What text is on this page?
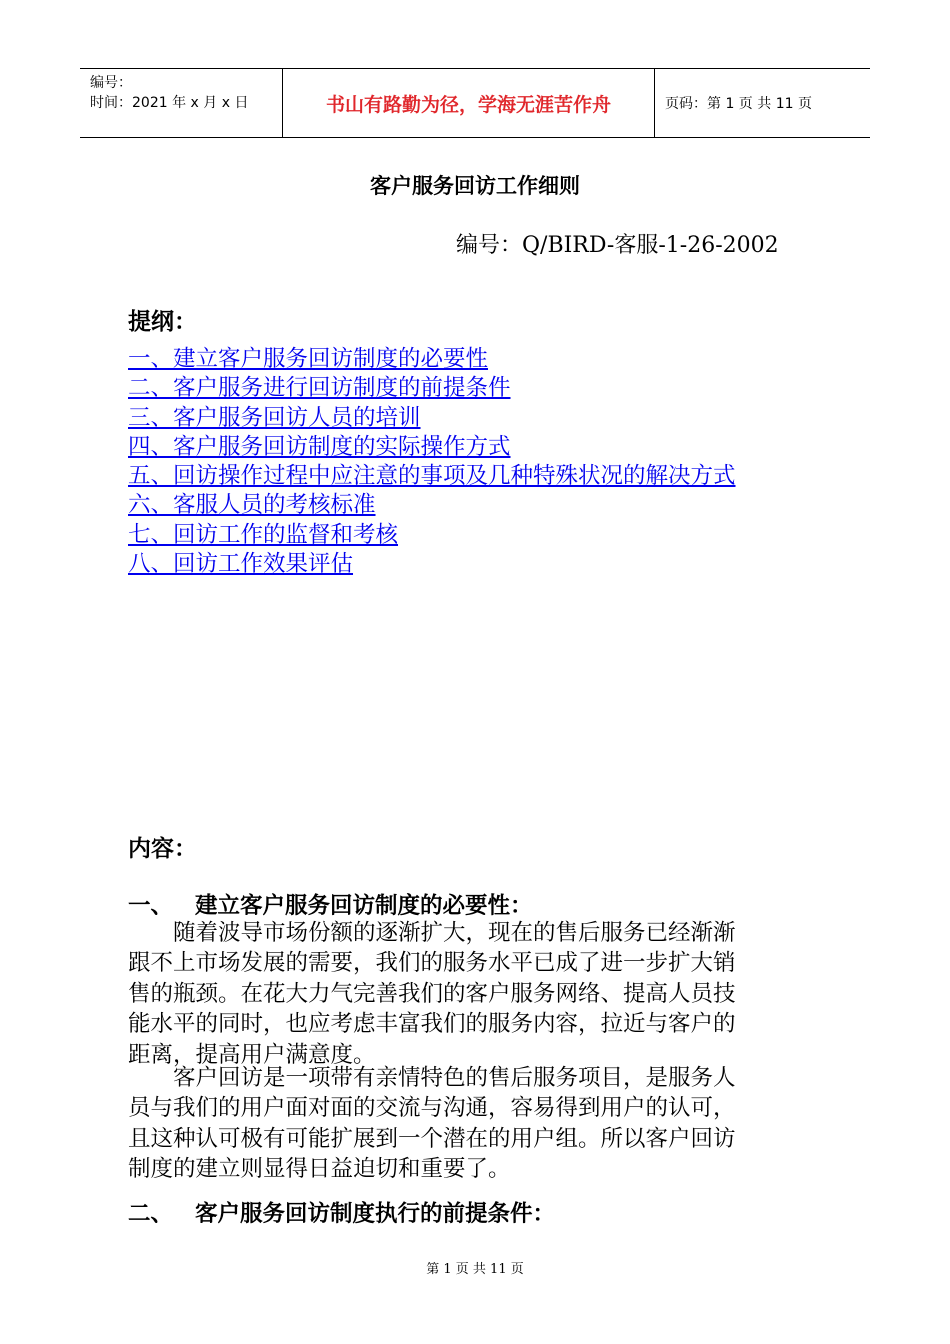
编号：
时间：2021 年 x 月 x 日	书山有路勤为径，学海无涯苦作舟	页码：第 1 页 共 11 页
客户服务回访工作细则
编号：Q/BIRD-客服-1-26-2002
提纲：
一、建立客户服务回访制度的必要性
二、客户服务进行回访制度的前提条件
三、客户服务回访人员的培训
四、客户服务回访制度的实际操作方式
五、回访操作过程中应注意的事项及几种特殊状况的解决方式
六、客服人员的考核标准
七、回访工作的监督和考核
八、回访工作效果评估
内容：
一、 建立客户服务回访制度的必要性：
随着波导市场份额的逐渐扩大，现在的售后服务已经渐渐
跟不上市场发展的需要，我们的服务水平已成了进一步扩大销
售的瓶颈。在花大力气完善我们的客户服务网络、提高人员技
能水平的同时，也应考虑丰富我们的服务内容，拉近与客户的
距离，提高用户满意度。
客户回访是一项带有亲情特色的售后服务项目，是服务人
员与我们的用户面对面的交流与沟通，容易得到用户的认可，
且这种认可极有可能扩展到一个潜在的用户组。所以客户回访
制度的建立则显得日益迫切和重要了。
二、 客户服务回访制度执行的前提条件：
第 1 页 共 11 页
